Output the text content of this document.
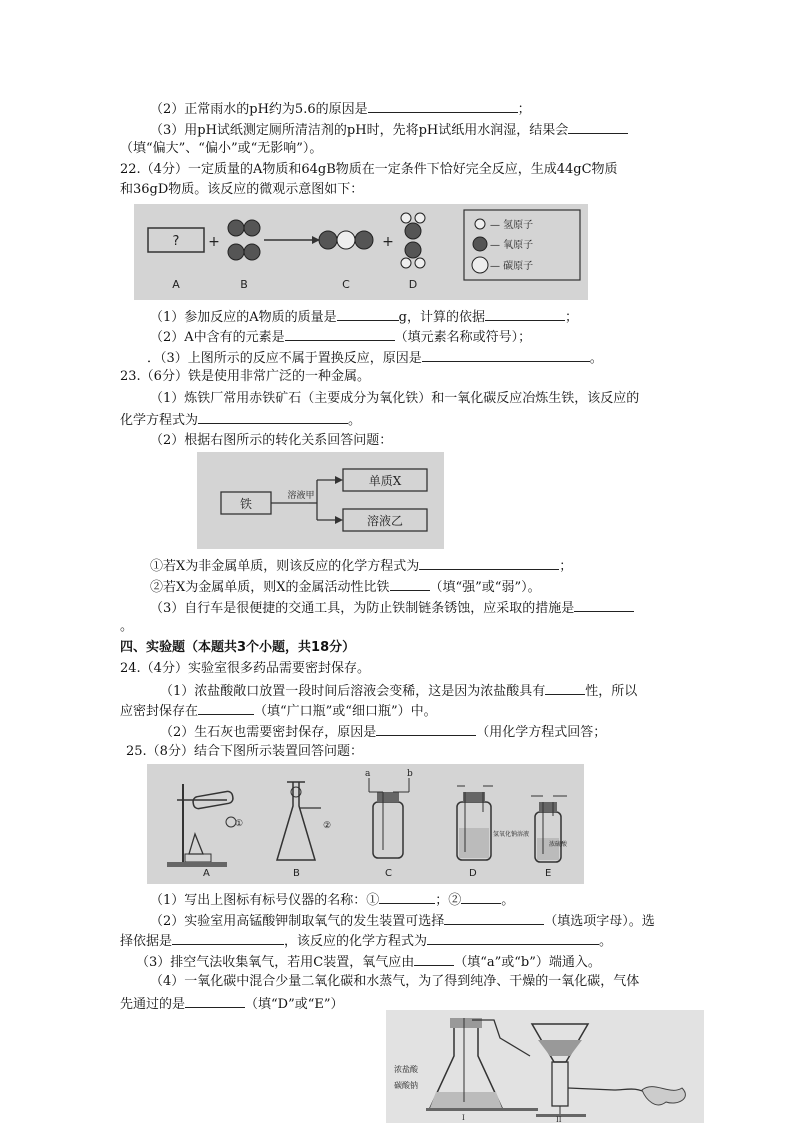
（2）正常雨水的pH约为5.6的原因是	；
（3）用pH试纸测定厕所清洁剂的pH时，先将pH试纸用水润湿，结果会
（填“偏大”、“偏小”或“无影响”）。
22.（4分）一定质量的A物质和64gB物质在一定条件下恰好完全反应，生成44gC物质
和36gD物质。该反应的微观示意图如下：
? +	+
A	B	C	D
— 氢原子
— 氧原子
— 碳原子
（1）参加反应的A物质的质量是	g，计算的依据	；
（2）A中含有的元素是	（填元素名称或符号）；
．（3）上图所示的反应不属于置换反应，原因是	。
23.（6分）铁是使用非常广泛的一种金属。
（1）炼铁厂常用赤铁矿石（主要成分为氧化铁）和一氧化碳反应冶炼生铁，该反应的
化学方程式为	。
（2）根据右图所示的转化关系回答问题：
铁
溶液甲
单质X
溶液乙
①若X为非金属单质，则该反应的化学方程式为	；
②若X为金属单质，则X的金属活动性比铁	（填“强”或“弱”）。
（3）自行车是很便捷的交通工具，为防止铁制链条锈蚀，应采取的措施是
。
四、实验题（本题共3个小题，共18分）
24.（4分）实验室很多药品需要密封保存。
（1）浓盐酸敞口放置一段时间后溶液会变稀，这是因为浓盐酸具有	性，所以
应密封保存在	（填“广口瓶”或“细口瓶”）中。
（2）生石灰也需要密封保存，原因是	（用化学方程式回答；
25.（8分）结合下图所示装置回答问题：
①	②
a	b
氢氧化钠溶液
浓硫酸
A	B	C	D	E
（1）写出上图标有标号仪器的名称：①	；②	。
（2）实验室用高锰酸钾制取氧气的发生装置可选择	（填选项字母）。选
择依据是	，该反应的化学方程式为	。
（3）排空气法收集氧气，若用C装置，氧气应由	（填“a”或“b”）端通入。
（4）一氧化碳中混合少量二氧化碳和水蒸气，为了得到纯净、干燥的一氧化碳，气体
先通过的是	（填“D”或“E”）
浓盐酸
碳酸钠
I	II
